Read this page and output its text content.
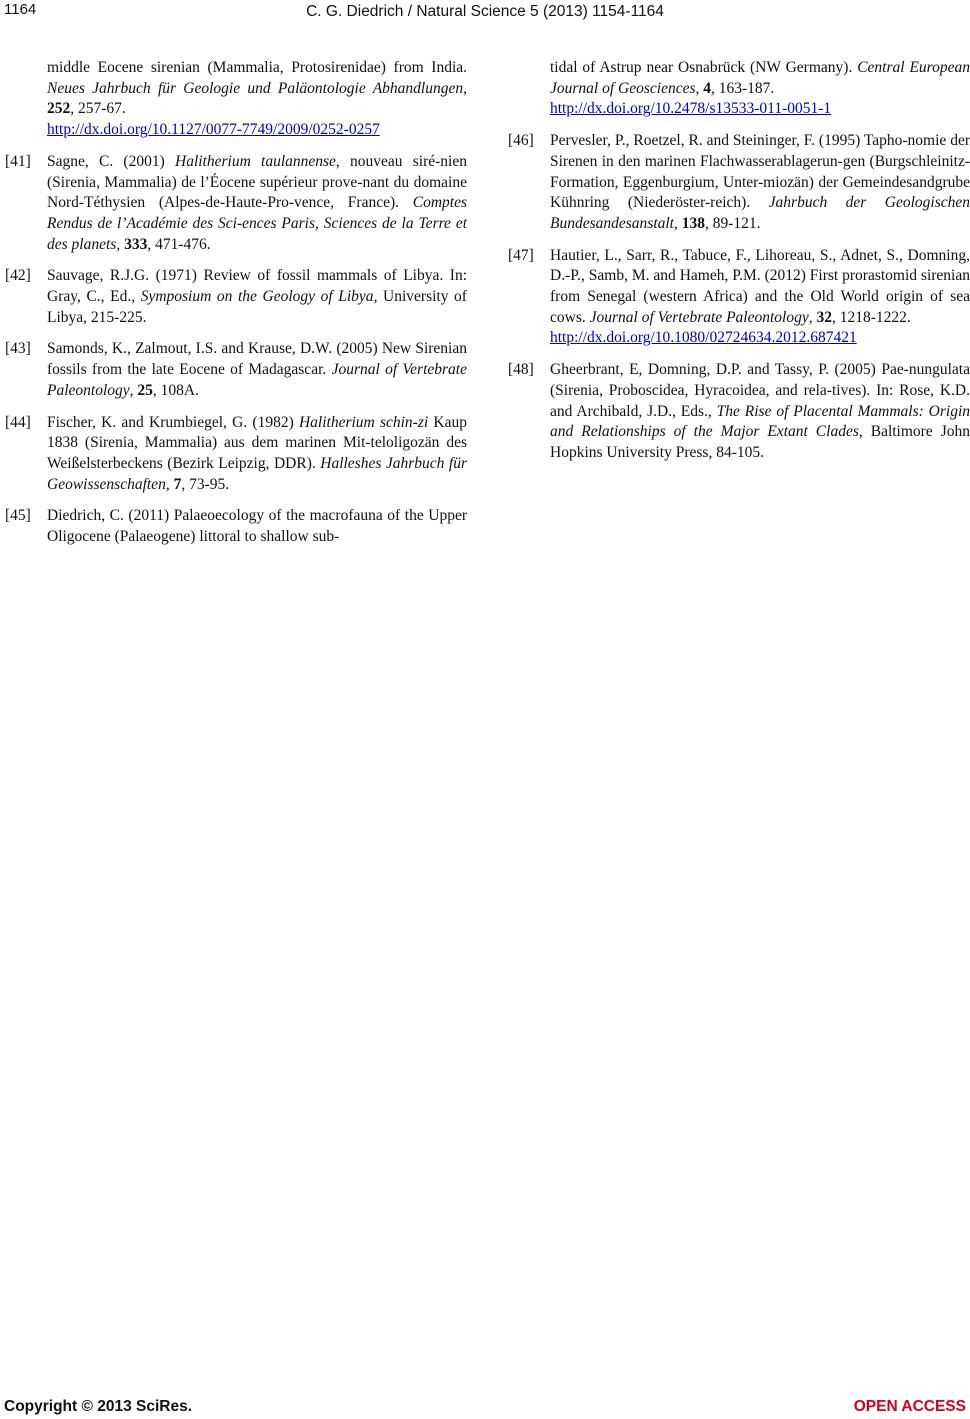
1164	C. G. Diedrich / Natural Science 5 (2013) 1154-1164
middle Eocene sirenian (Mammalia, Protosirenidae) from India. Neues Jahrbuch für Geologie und Paläontologie Abhandlungen, 252, 257-67.
http://dx.doi.org/10.1127/0077-7749/2009/0252-0257
[41] Sagne, C. (2001) Halitherium taulannense, nouveau siré-nien (Sirenia, Mammalia) de l’Éocene supérieur prove-nant du domaine Nord-Téthysien (Alpes-de-Haute-Pro-vence, France). Comptes Rendus de l’Académie des Sci-ences Paris, Sciences de la Terre et des planets, 333, 471-476.
[42] Sauvage, R.J.G. (1971) Review of fossil mammals of Libya. In: Gray, C., Ed., Symposium on the Geology of Libya, University of Libya, 215-225.
[43] Samonds, K., Zalmout, I.S. and Krause, D.W. (2005) New Sirenian fossils from the late Eocene of Madagascar. Journal of Vertebrate Paleontology, 25, 108A.
[44] Fischer, K. and Krumbiegel, G. (1982) Halitherium schin-zi Kaup 1838 (Sirenia, Mammalia) aus dem marinen Mit-teloligozän des Weißelsterbeckens (Bezirk Leipzig, DDR). Halleshes Jahrbuch für Geowissenschaften, 7, 73-95.
[45] Diedrich, C. (2011) Palaeoecology of the macrofauna of the Upper Oligocene (Palaeogene) littoral to shallow sub-
tidal of Astrup near Osnabrück (NW Germany). Central European Journal of Geosciences, 4, 163-187.
http://dx.doi.org/10.2478/s13533-011-0051-1
[46] Pervesler, P., Roetzel, R. and Steininger, F. (1995) Tapho-nomie der Sirenen in den marinen Flachwasserablagerun-gen (Burgschleinitz-Formation, Eggenburgium, Unter-miozän) der Gemeindesandgrube Kühnring (Niederöster-reich). Jahrbuch der Geologischen Bundesandesanstalt, 138, 89-121.
[47] Hautier, L., Sarr, R., Tabuce, F., Lihoreau, S., Adnet, S., Domning, D.-P., Samb, M. and Hameh, P.M. (2012) First prorastomid sirenian from Senegal (western Africa) and the Old World origin of sea cows. Journal of Vertebrate Paleontology, 32, 1218-1222.
http://dx.doi.org/10.1080/02724634.2012.687421
[48] Gheerbrant, E, Domning, D.P. and Tassy, P. (2005) Pae-nungulata (Sirenia, Proboscidea, Hyracoidea, and rela-tives). In: Rose, K.D. and Archibald, J.D., Eds., The Rise of Placental Mammals: Origin and Relationships of the Major Extant Clades, Baltimore John Hopkins University Press, 84-105.
Copyright © 2013 SciRes.	OPEN ACCESS
